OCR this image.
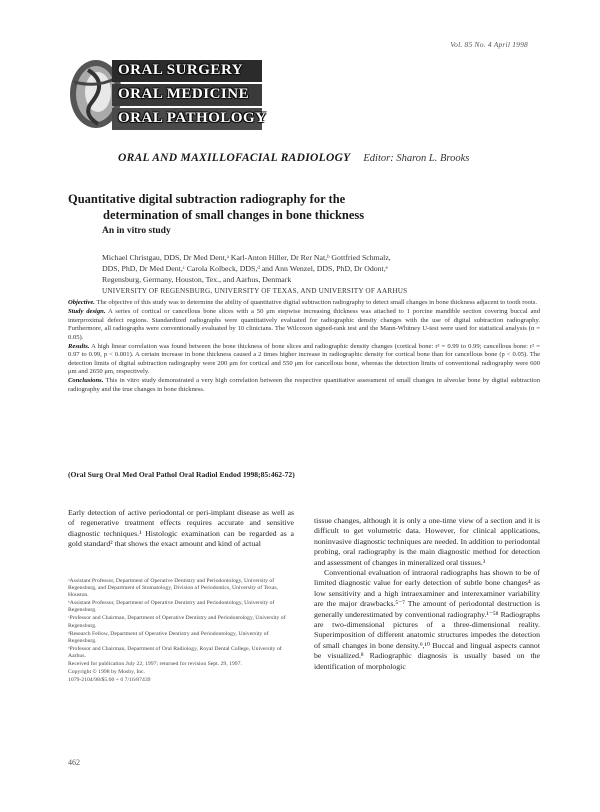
Vol. 85 No. 4 April 1998
ORAL SURGERY
ORAL MEDICINE
ORAL PATHOLOGY
ORAL AND MAXILLOFACIAL RADIOLOGY Editor: Sharon L. Brooks
Quantitative digital subtraction radiography for the
determination of small changes in bone thickness
An in vitro study
Michael Christgau, DDS, Dr Med Dent,ᵃ Karl-Anton Hiller, Dr Rer Nat,ᵇ Gottfried Schmalz,
DDS, PhD, Dr Med Dent,ᶜ Carola Kolbeck, DDS,ᵈ and Ann Wenzel, DDS, PhD, Dr Odont,ᵉ
Regensburg, Germany, Houston, Tex., and Aarhus, Denmark
UNIVERSITY OF REGENSBURG, UNIVERSITY OF TEXAS, AND UNIVERSITY OF AARHUS

Objective. The objective of this study was to determine the ability of quantitative digital subtraction radiography to detect small changes in bone thickness adjacent to tooth roots.

Study design. A series of cortical or cancellous bone slices with a 50 μm stepwise increasing thickness was attached to 1 porcine mandible section covering buccal and interproximal defect regions. Standardized radiographs were quantitatively evaluated for radiographic density changes with the use of digital subtraction radiography. Furthermore, all radiographs were conventionally evaluated by 10 clinicians. The Wilcoxon signed-rank test and the Mann-Whitney U-test were used for statistical analysis (α = 0.05).

Results. A high linear correlation was found between the bone thickness of bone slices and radiographic density changes (cortical bone: r² = 0.99 to 0.99; cancellous bone: r² = 0.97 to 0.99, p < 0.001). A certain increase in bone thickness caused a 2 times higher increase in radiographic density for cortical bone than for cancellous bone (p < 0.05). The detection limits of digital subtraction radiography were 200 μm for cortical and 550 μm for cancellous bone, whereas the detection limits of conventional radiography were 600 μm and 2650 μm, respectively.

Conclusions. This in vitro study demonstrated a very high correlation between the respective quantitative assessment of small changes in alveolar bone by digital subtraction radiography and the true changes in bone thickness.

(Oral Surg Oral Med Oral Pathol Oral Radiol Endod 1998;85:462-72)

Early detection of active periodontal or peri-implant disease as well as of regenerative treatment effects requires accurate and sensitive diagnostic techniques.¹ Histologic examination can be regarded as a gold standard² that shows the exact amount and kind of actual

ᵃAssistant Professor, Department of Operative Dentistry and Periodontology, University of Regensburg, and Department of Stomatology, Division of Periodontics, University of Texas, Houston.

ᵇAssistant Professor, Department of Operative Dentistry and Periodontology, University of Regensburg.

ᶜProfessor and Chairman, Department of Operative Dentistry and Periodontology, University of Regensburg.

ᵈResearch Fellow, Department of Operative Dentistry and Periodontology, University of Regensburg.

ᵉProfessor and Chairman, Department of Oral Radiology, Royal Dental College, University of Aarhus.

Received for publication July 22, 1997; returned for revision Sept. 29, 1997.

Copyright © 1998 by Mosby, Inc.

1079-2104/98/$5.00 + 0 7/16/87439

tissue changes, although it is only a one-time view of a section and it is difficult to get volumetric data. However, for clinical applications, noninvasive diagnostic techniques are needed. In addition to periodontal probing, oral radiography is the main diagnostic method for detection and assessment of changes in mineralized oral tissues.³

Conventional evaluation of intraoral radiographs has shown to be of limited diagnostic value for early detection of subtle bone changes⁴ as low sensitivity and a high intraexaminer and interexaminer variability are the major drawbacks.⁵⁻⁷ The amount of periodontal destruction is generally underestimated by conventional radiography.¹⁻⁵⁸ Radiographs are two-dimensional pictures of a three-dimensional reality. Superimposition of different anatomic structures impedes the detection of small changes in bone density.⁹,¹⁰ Buccal and lingual aspects cannot be visualized.⁸ Radiographic diagnosis is usually based on the identification of morphologic

462
